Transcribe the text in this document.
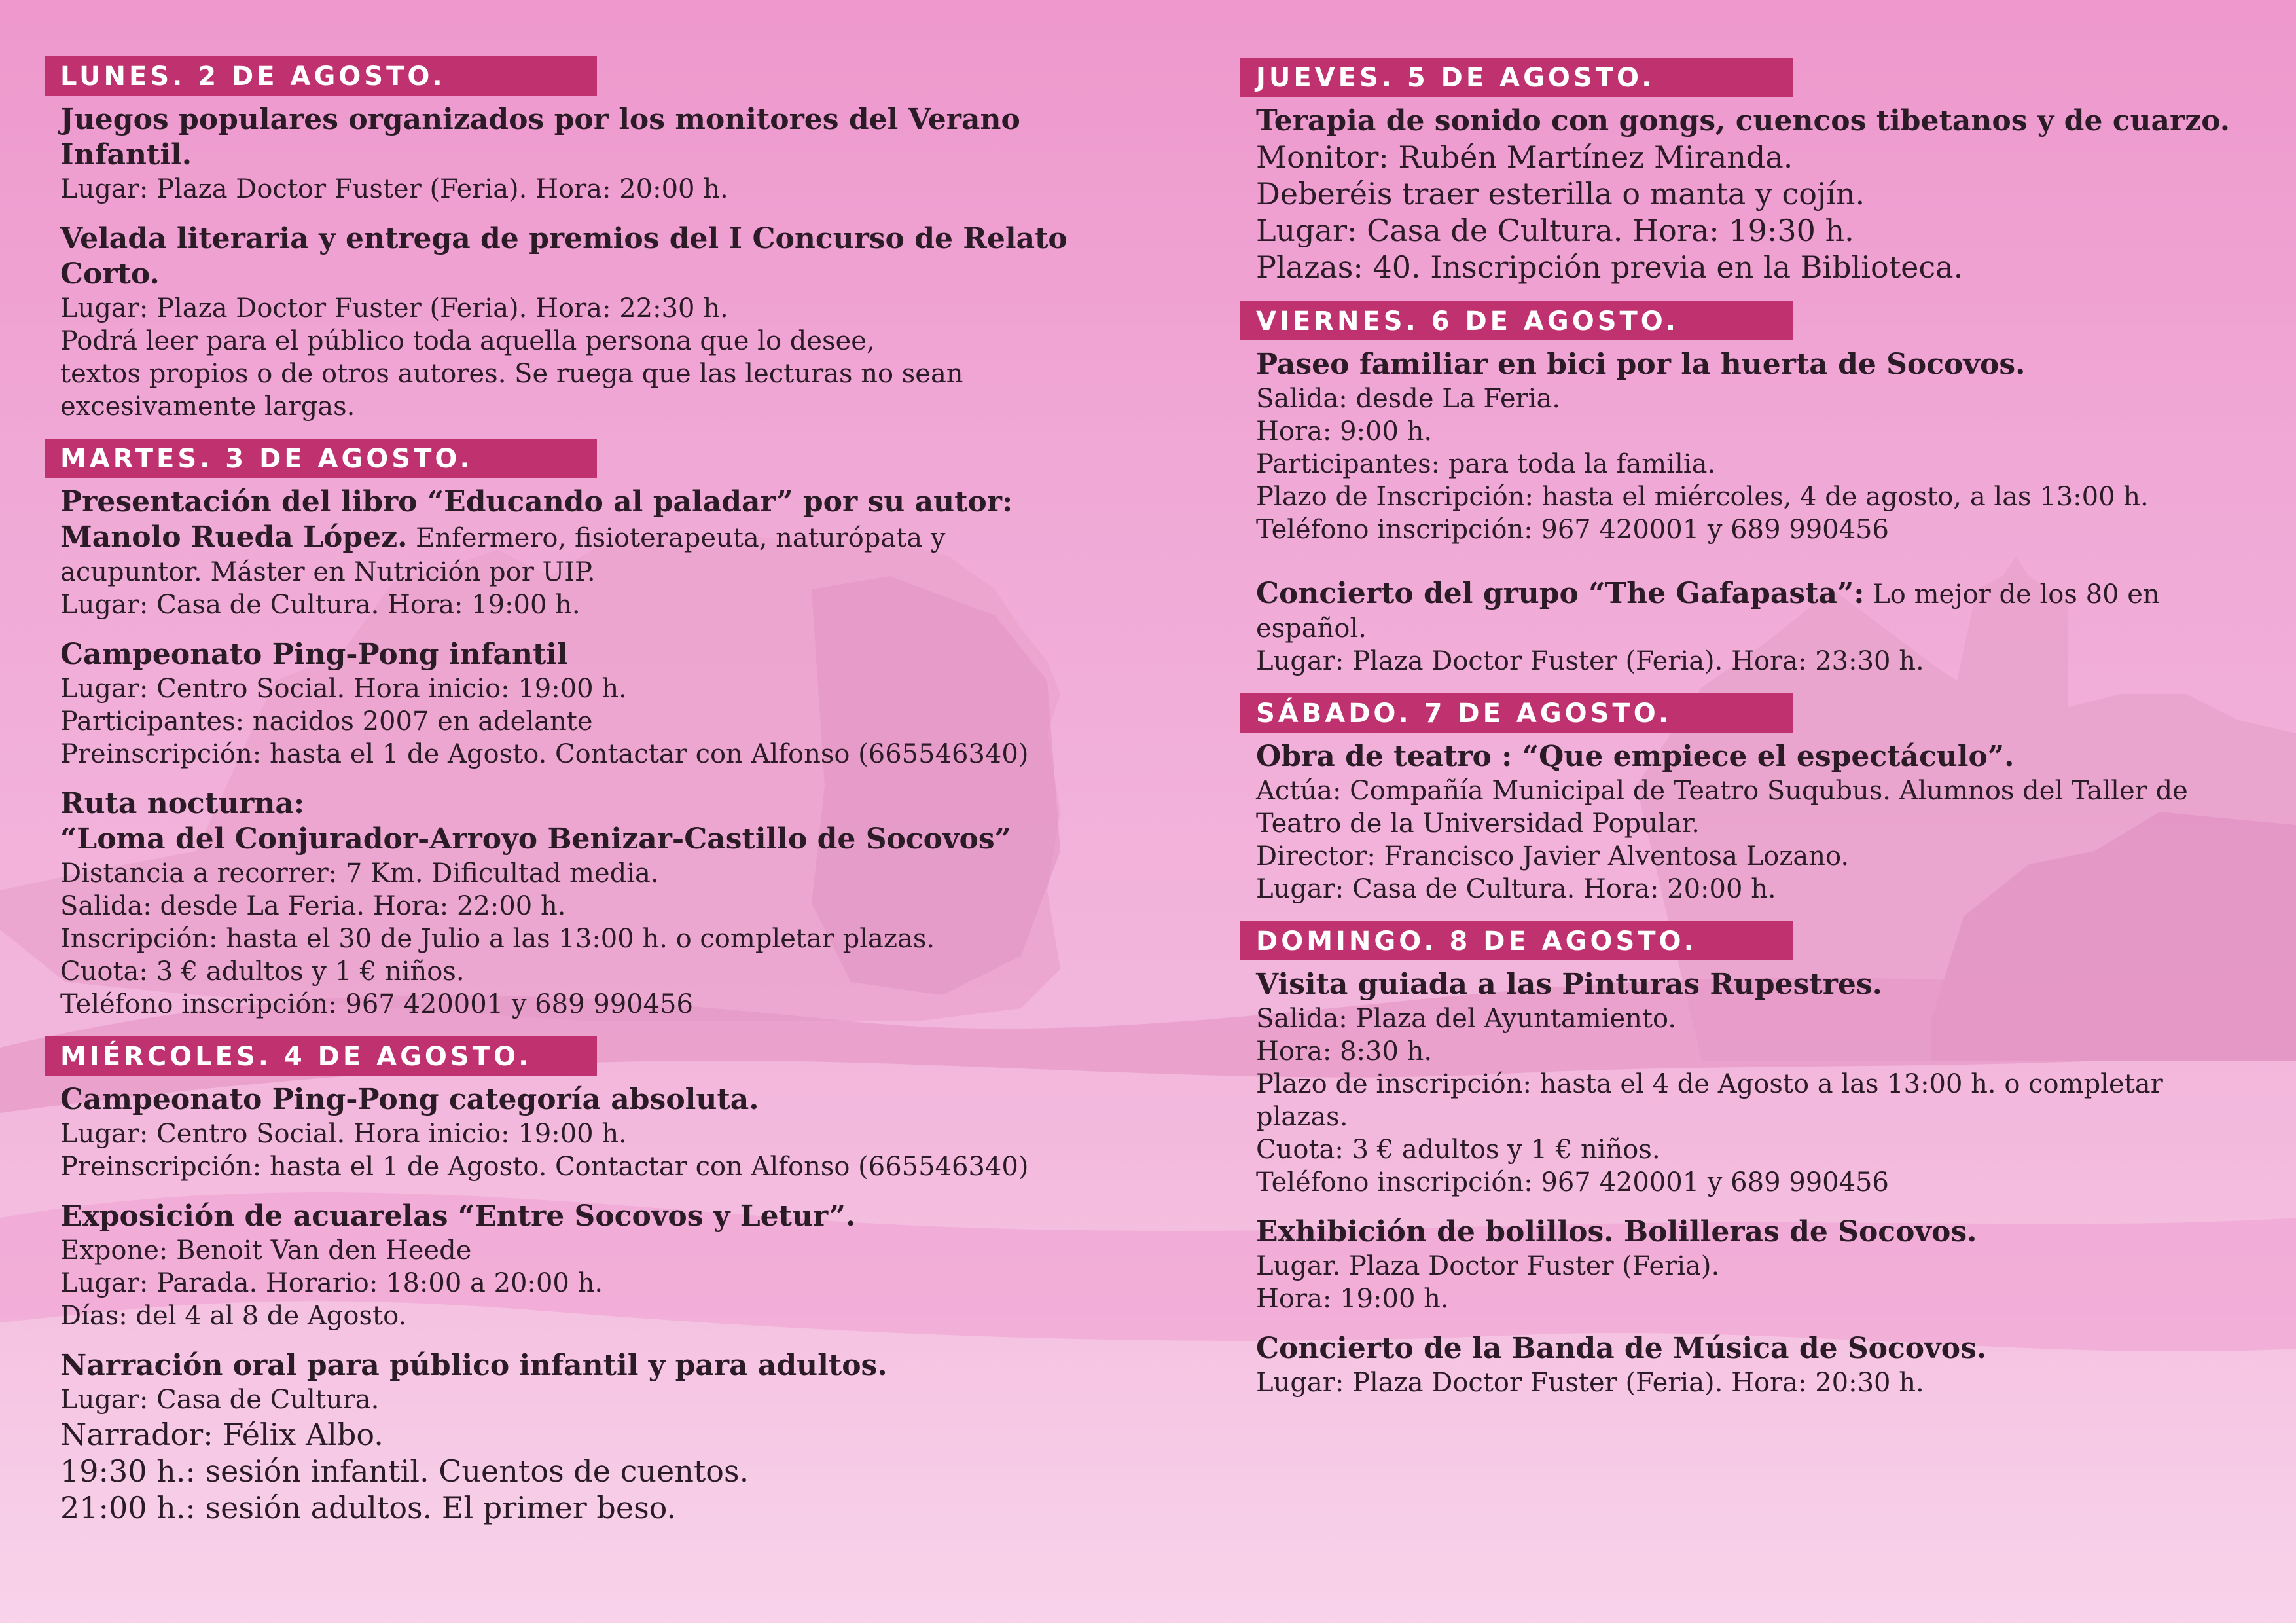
LUNES. 2 DE AGOSTO.
Juegos populares organizados por los monitores del Verano Infantil.
Lugar: Plaza Doctor Fuster (Feria). Hora: 20:00 h.
Velada literaria y entrega de premios del I Concurso de Relato Corto.
Lugar: Plaza Doctor Fuster (Feria). Hora: 22:30 h.
Podrá leer para el público toda aquella persona que lo desee,
textos propios o de otros autores. Se ruega que las lecturas no sean
excesivamente largas.
MARTES. 3 DE AGOSTO.
Presentación del libro “Educando al paladar” por su autor:
Manolo Rueda López. Enfermero, fisioterapeuta, naturópata y
acupuntor. Máster en Nutrición por UIP.
Lugar: Casa de Cultura. Hora: 19:00 h.
Campeonato Ping-Pong infantil
Lugar: Centro Social. Hora inicio: 19:00 h.
Participantes: nacidos 2007 en adelante
Preinscripción: hasta el 1 de Agosto. Contactar con Alfonso (665546340)
Ruta nocturna:
“Loma del Conjurador-Arroyo Benizar-Castillo de Socovos”
Distancia a recorrer: 7 Km. Dificultad media.
Salida: desde La Feria. Hora: 22:00 h.
Inscripción: hasta el 30 de Julio a las 13:00 h. o completar plazas.
Cuota: 3 € adultos y 1 € niños.
Teléfono inscripción: 967 420001 y 689 990456
MIÉRCOLES. 4 DE AGOSTO.
Campeonato Ping-Pong categoría absoluta.
Lugar: Centro Social. Hora inicio: 19:00 h.
Preinscripción: hasta el 1 de Agosto. Contactar con Alfonso (665546340)
Exposición de acuarelas “Entre Socovos y Letur”.
Expone: Benoit Van den Heede
Lugar: Parada. Horario: 18:00 a 20:00 h.
Días: del 4 al 8 de Agosto.
Narración oral para público infantil y para adultos.
Lugar: Casa de Cultura.
Narrador: Félix Albo.
19:30 h.: sesión infantil. Cuentos de cuentos.
21:00 h.: sesión adultos. El primer beso.
JUEVES. 5 DE AGOSTO.
Terapia de sonido con gongs, cuencos tibetanos y de cuarzo.
Monitor: Rubén Martínez Miranda.
Deberéis traer esterilla o manta y cojín.
Lugar: Casa de Cultura. Hora: 19:30 h.
Plazas: 40. Inscripción previa en la Biblioteca.
VIERNES. 6 DE AGOSTO.
Paseo familiar en bici por la huerta de Socovos.
Salida: desde La Feria.
Hora: 9:00 h.
Participantes: para toda la familia.
Plazo de Inscripción: hasta el miércoles, 4 de agosto, a las 13:00 h.
Teléfono inscripción: 967 420001 y 689 990456
Concierto del grupo “The Gafapasta”: Lo mejor de los 80 en
español.
Lugar: Plaza Doctor Fuster (Feria). Hora: 23:30 h.
SÁBADO. 7 DE AGOSTO.
Obra de teatro : “Que empiece el espectáculo”.
Actúa: Compañía Municipal de Teatro Suqubus. Alumnos del Taller de
Teatro de la Universidad Popular.
Director: Francisco Javier Alventosa Lozano.
Lugar: Casa de Cultura. Hora: 20:00 h.
DOMINGO. 8 DE AGOSTO.
Visita guiada a las Pinturas Rupestres.
Salida: Plaza del Ayuntamiento.
Hora: 8:30 h.
Plazo de inscripción: hasta el 4 de Agosto a las 13:00 h. o completar
plazas.
Cuota: 3 € adultos y 1 € niños.
Teléfono inscripción: 967 420001 y 689 990456
Exhibición de bolillos. Bolilleras de Socovos.
Lugar. Plaza Doctor Fuster (Feria).
Hora: 19:00 h.
Concierto de la Banda de Música de Socovos.
Lugar: Plaza Doctor Fuster (Feria). Hora: 20:30 h.
